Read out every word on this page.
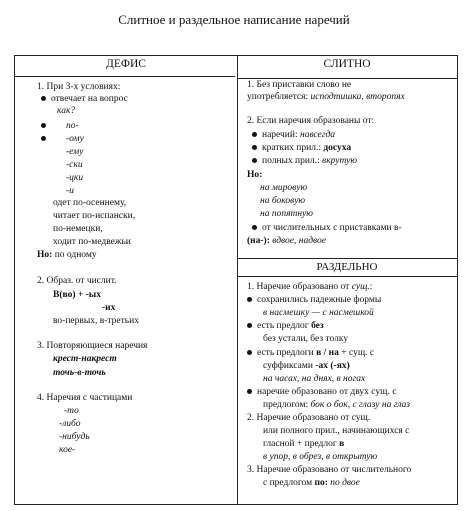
Слитное и раздельное написание наречий
ДЕФИС	СЛИТНО
РАЗДЕЛЬНО
1. При 3-х условиях:
отвечает на вопрос
как?
по-
-ому
-ему
-ски
-цки
-и
одет по-осеннему,
читает по-испански,
по-немецки,
ходит по-медвежьи
Но: по одному
2. Образ. от числит.
В(во) + -ых
-их
во-первых, в-третьих
3. Повторяющиеся наречия
крест-накрест
точь-в-точь
4. Наречия с частицами
-то
-либо
-нибудь
кое-
1. Без приставки слово не
употребляется: исподтишка, второпях
2. Если наречия образованы от:
наречий: навсегда
кратких прил.: досуха
полных прил.: вкрутую
Но:
на мировую
на боковую
на попятную
от числительных с приставками в-
(на-): вдвое, надвое
1. Наречие образовано от сущ.:
сохранились падежные формы
в насмешку — с насмешкой
есть предлог без
без устали, без толку
есть предлоги в / на + сущ. с
суффиксами -ах (-ях)
на часах, на днях, в ногах
наречие образовано от двух сущ. с
предлогом: бок о бок, с глазу на глаз
2. Наречие образовано от сущ.
или полного прил., начинающихся с
гласной + предлог в
в упор, в обрез, в открытую
3. Наречие образовано от числительного
с предлогом по: по двое
